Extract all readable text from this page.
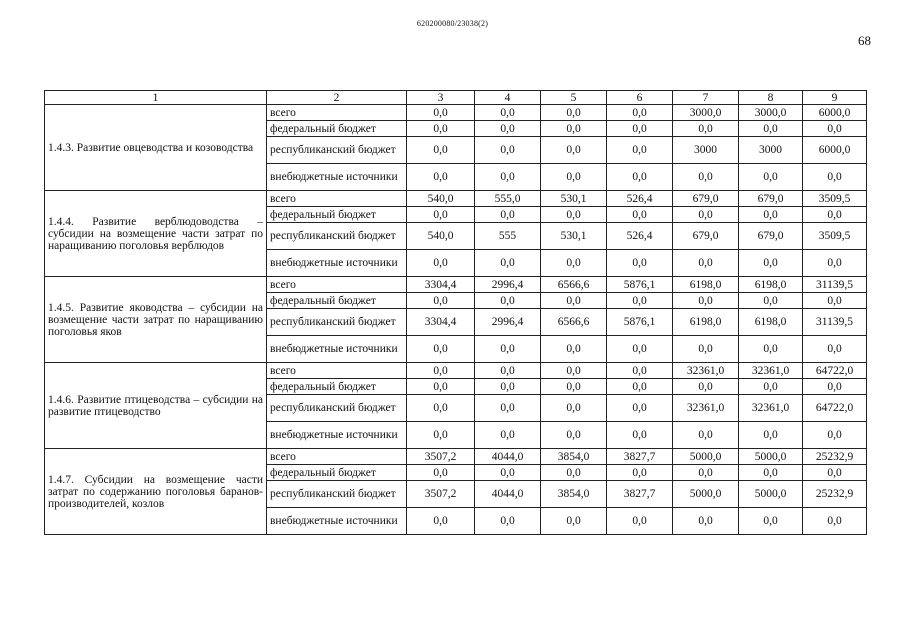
620200080/23038(2)
68
1	2	3	4	5	6	7	8	9
1.4.3. Развитие овцеводства и козоводства	всего	0,0	0,0	0,0	0,0	3000,0	3000,0	6000,0
	федеральный бюджет	0,0	0,0	0,0	0,0	0,0	0,0	0,0
	республиканский бюджет	0,0	0,0	0,0	0,0	3000	3000	6000,0
	внебюджетные источники	0,0	0,0	0,0	0,0	0,0	0,0	0,0
1.4.4. Развитие верблюдоводства – субсидии на возмещение части затрат по наращиванию поголовья верблюдов	всего	540,0	555,0	530,1	526,4	679,0	679,0	3509,5
	федеральный бюджет	0,0	0,0	0,0	0,0	0,0	0,0	0,0
	республиканский бюджет	540,0	555	530,1	526,4	679,0	679,0	3509,5
	внебюджетные источники	0,0	0,0	0,0	0,0	0,0	0,0	0,0
1.4.5. Развитие яководства – субсидии на возмещение части затрат по наращиванию поголовья яков	всего	3304,4	2996,4	6566,6	5876,1	6198,0	6198,0	31139,5
	федеральный бюджет	0,0	0,0	0,0	0,0	0,0	0,0	0,0
	республиканский бюджет	3304,4	2996,4	6566,6	5876,1	6198,0	6198,0	31139,5
	внебюджетные источники	0,0	0,0	0,0	0,0	0,0	0,0	0,0
1.4.6. Развитие птицеводства – субсидии на развитие птицеводство	всего	0,0	0,0	0,0	0,0	32361,0	32361,0	64722,0
	федеральный бюджет	0,0	0,0	0,0	0,0	0,0	0,0	0,0
	республиканский бюджет	0,0	0,0	0,0	0,0	32361,0	32361,0	64722,0
	внебюджетные источники	0,0	0,0	0,0	0,0	0,0	0,0	0,0
1.4.7. Субсидии на возмещение части затрат по содержанию поголовья баранов-производителей, козлов	всего	3507,2	4044,0	3854,0	3827,7	5000,0	5000,0	25232,9
	федеральный бюджет	0,0	0,0	0,0	0,0	0,0	0,0	0,0
	республиканский бюджет	3507,2	4044,0	3854,0	3827,7	5000,0	5000,0	25232,9
	внебюджетные источники	0,0	0,0	0,0	0,0	0,0	0,0	0,0
